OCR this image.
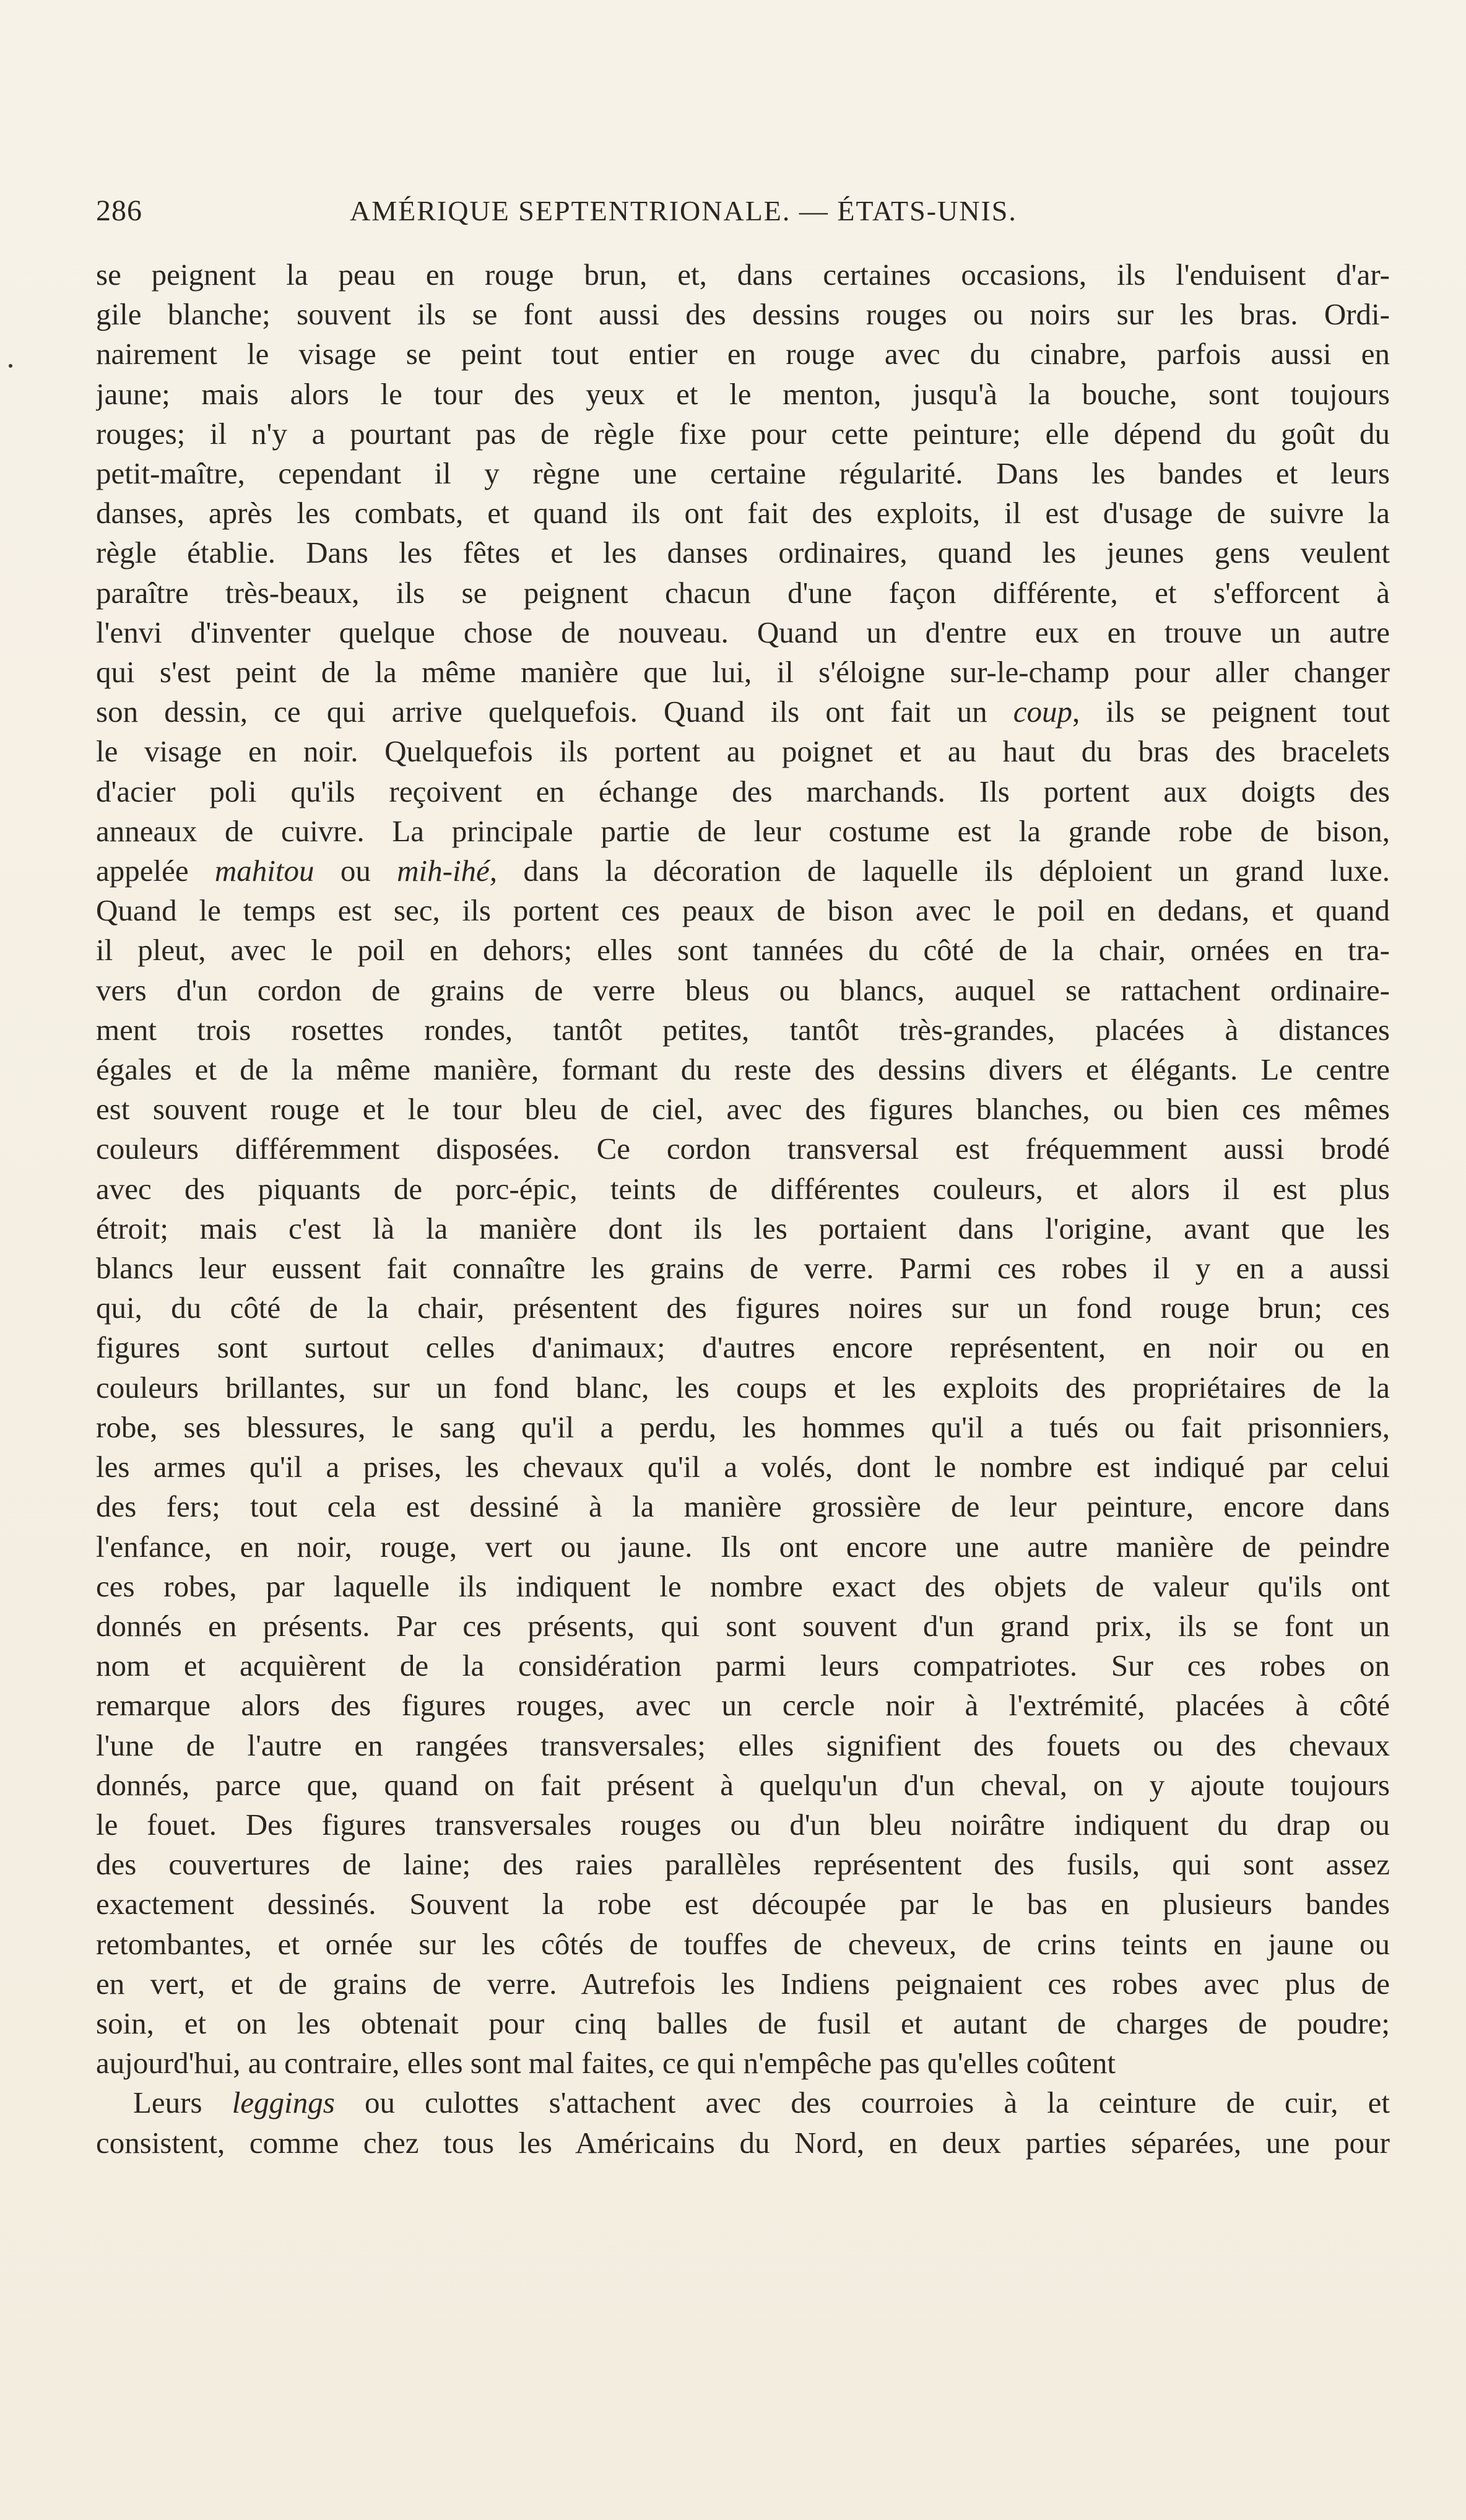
286	AMÉRIQUE SEPTENTRIONALE. — ÉTATS-UNIS.

se peignent la peau en rouge brun, et, dans certaines occasions, ils l'enduisent d'ar-
gile blanche; souvent ils se font aussi des dessins rouges ou noirs sur les bras. Ordi-
nairement le visage se peint tout entier en rouge avec du cinabre, parfois aussi en
jaune; mais alors le tour des yeux et le menton, jusqu'à la bouche, sont toujours
rouges; il n'y a pourtant pas de règle fixe pour cette peinture; elle dépend du goût du
petit-maître, cependant il y règne une certaine régularité. Dans les bandes et leurs
danses, après les combats, et quand ils ont fait des exploits, il est d'usage de suivre la
règle établie. Dans les fêtes et les danses ordinaires, quand les jeunes gens veulent
paraître très-beaux, ils se peignent chacun d'une façon différente, et s'efforcent à
l'envi d'inventer quelque chose de nouveau. Quand un d'entre eux en trouve un autre
qui s'est peint de la même manière que lui, il s'éloigne sur-le-champ pour aller changer
son dessin, ce qui arrive quelquefois. Quand ils ont fait un coup, ils se peignent tout
le visage en noir. Quelquefois ils portent au poignet et au haut du bras des bracelets
d'acier poli qu'ils reçoivent en échange des marchands. Ils portent aux doigts des
anneaux de cuivre. La principale partie de leur costume est la grande robe de bison,
appelée mahitou ou mih-ihé, dans la décoration de laquelle ils déploient un grand luxe.
Quand le temps est sec, ils portent ces peaux de bison avec le poil en dedans, et quand
il pleut, avec le poil en dehors; elles sont tannées du côté de la chair, ornées en tra-
vers d'un cordon de grains de verre bleus ou blancs, auquel se rattachent ordinaire-
ment trois rosettes rondes, tantôt petites, tantôt très-grandes, placées à distances
égales et de la même manière, formant du reste des dessins divers et élégants. Le centre
est souvent rouge et le tour bleu de ciel, avec des figures blanches, ou bien ces mêmes
couleurs différemment disposées. Ce cordon transversal est fréquemment aussi brodé
avec des piquants de porc-épic, teints de différentes couleurs, et alors il est plus
étroit; mais c'est là la manière dont ils les portaient dans l'origine, avant que les
blancs leur eussent fait connaître les grains de verre. Parmi ces robes il y en a aussi
qui, du côté de la chair, présentent des figures noires sur un fond rouge brun; ces
figures sont surtout celles d'animaux; d'autres encore représentent, en noir ou en
couleurs brillantes, sur un fond blanc, les coups et les exploits des propriétaires de la
robe, ses blessures, le sang qu'il a perdu, les hommes qu'il a tués ou fait prisonniers,
les armes qu'il a prises, les chevaux qu'il a volés, dont le nombre est indiqué par celui
des fers; tout cela est dessiné à la manière grossière de leur peinture, encore dans
l'enfance, en noir, rouge, vert ou jaune. Ils ont encore une autre manière de peindre
ces robes, par laquelle ils indiquent le nombre exact des objets de valeur qu'ils ont
donnés en présents. Par ces présents, qui sont souvent d'un grand prix, ils se font un
nom et acquièrent de la considération parmi leurs compatriotes. Sur ces robes on
remarque alors des figures rouges, avec un cercle noir à l'extrémité, placées à côté
l'une de l'autre en rangées transversales; elles signifient des fouets ou des chevaux
donnés, parce que, quand on fait présent à quelqu'un d'un cheval, on y ajoute toujours
le fouet. Des figures transversales rouges ou d'un bleu noirâtre indiquent du drap ou
des couvertures de laine; des raies parallèles représentent des fusils, qui sont assez
exactement dessinés. Souvent la robe est découpée par le bas en plusieurs bandes
retombantes, et ornée sur les côtés de touffes de cheveux, de crins teints en jaune ou
en vert, et de grains de verre. Autrefois les Indiens peignaient ces robes avec plus de
soin, et on les obtenait pour cinq balles de fusil et autant de charges de poudre;
aujourd'hui, au contraire, elles sont mal faites, ce qui n'empêche pas qu'elles coûtent

Leurs leggings ou culottes s'attachent avec des courroies à la ceinture de cuir, et
consistent, comme chez tous les Américains du Nord, en deux parties séparées, une pour
